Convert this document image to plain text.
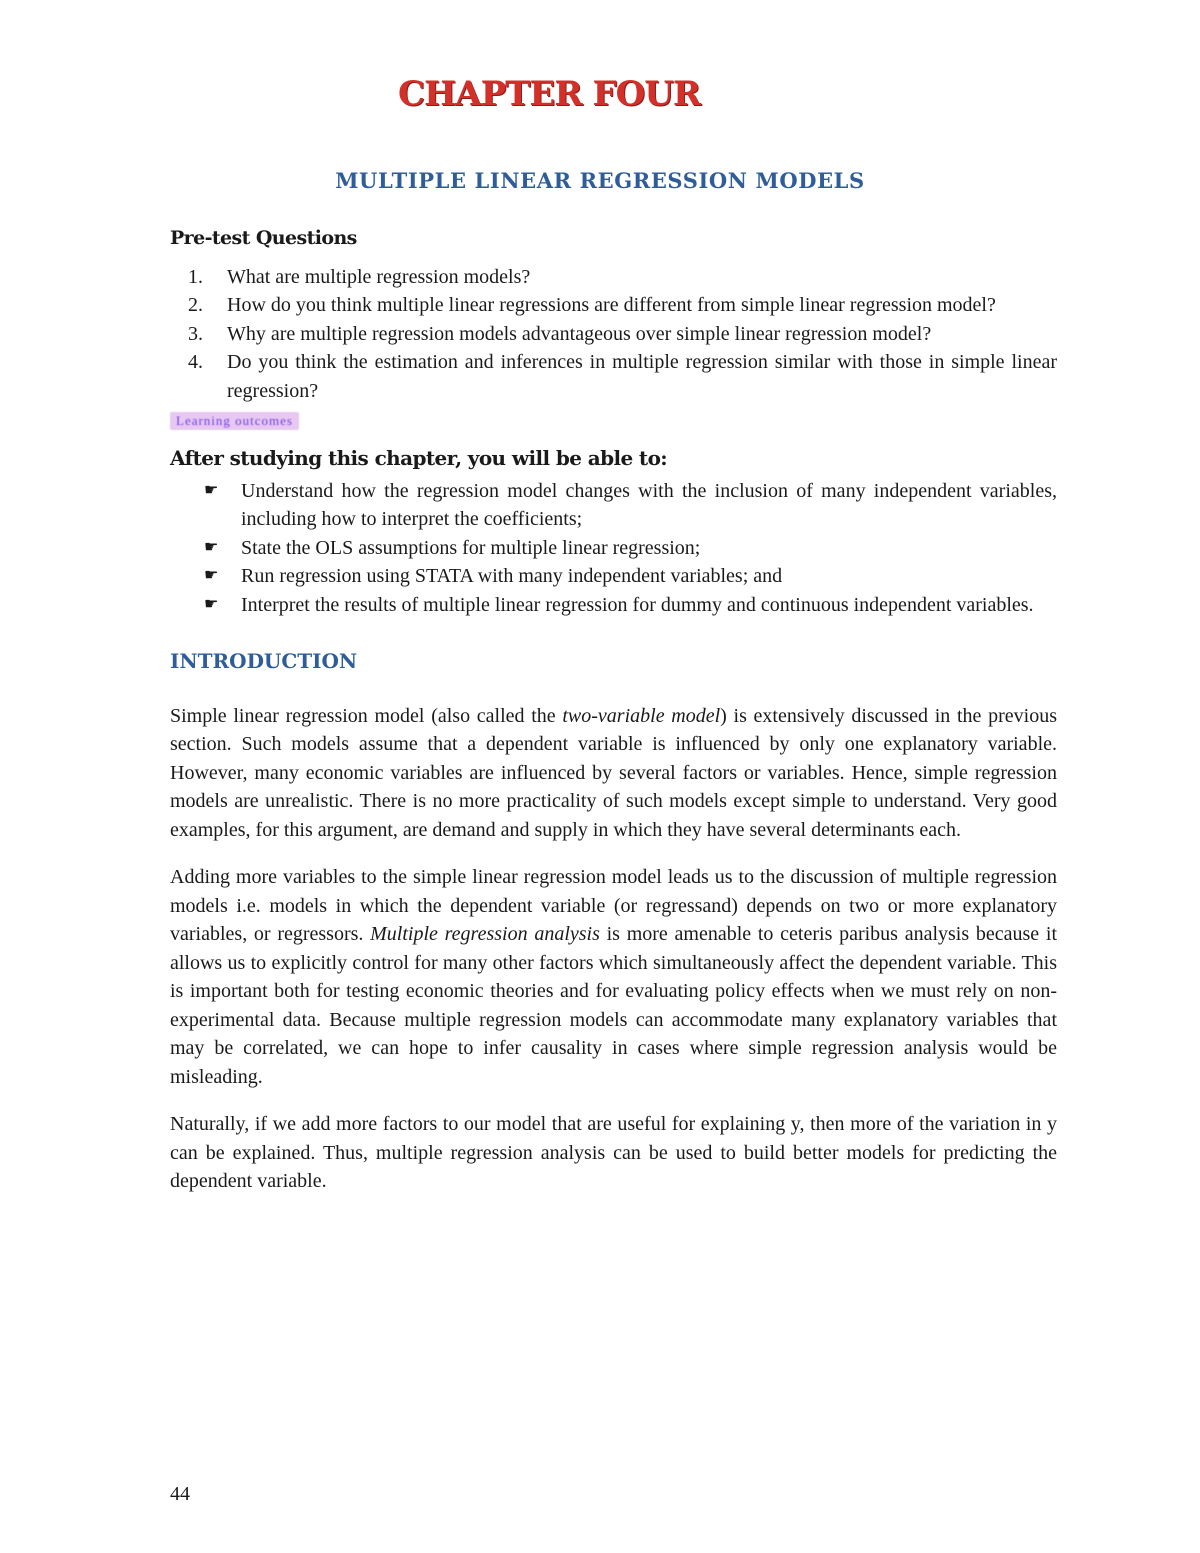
CHAPTER FOUR
MULTIPLE LINEAR REGRESSION MODELS
Pre-test Questions
1. What are multiple regression models?
2. How do you think multiple linear regressions are different from simple linear regression model?
3. Why are multiple regression models advantageous over simple linear regression model?
4. Do you think the estimation and inferences in multiple regression similar with those in simple linear regression?
Learning outcomes
After studying this chapter, you will be able to:
☛ Understand how the regression model changes with the inclusion of many independent variables, including how to interpret the coefficients;
☛ State the OLS assumptions for multiple linear regression;
☛ Run regression using STATA with many independent variables; and
☛ Interpret the results of multiple linear regression for dummy and continuous independent variables.
INTRODUCTION

Simple linear regression model (also called the two-variable model) is extensively discussed in the previous section. Such models assume that a dependent variable is influenced by only one explanatory variable. However, many economic variables are influenced by several factors or variables. Hence, simple regression models are unrealistic. There is no more practicality of such models except simple to understand. Very good examples, for this argument, are demand and supply in which they have several determinants each.

Adding more variables to the simple linear regression model leads us to the discussion of multiple regression models i.e. models in which the dependent variable (or regressand) depends on two or more explanatory variables, or regressors. Multiple regression analysis is more amenable to ceteris paribus analysis because it allows us to explicitly control for many other factors which simultaneously affect the dependent variable. This is important both for testing economic theories and for evaluating policy effects when we must rely on non-experimental data. Because multiple regression models can accommodate many explanatory variables that may be correlated, we can hope to infer causality in cases where simple regression analysis would be misleading.

Naturally, if we add more factors to our model that are useful for explaining y, then more of the variation in y can be explained. Thus, multiple regression analysis can be used to build better models for predicting the dependent variable.

44
